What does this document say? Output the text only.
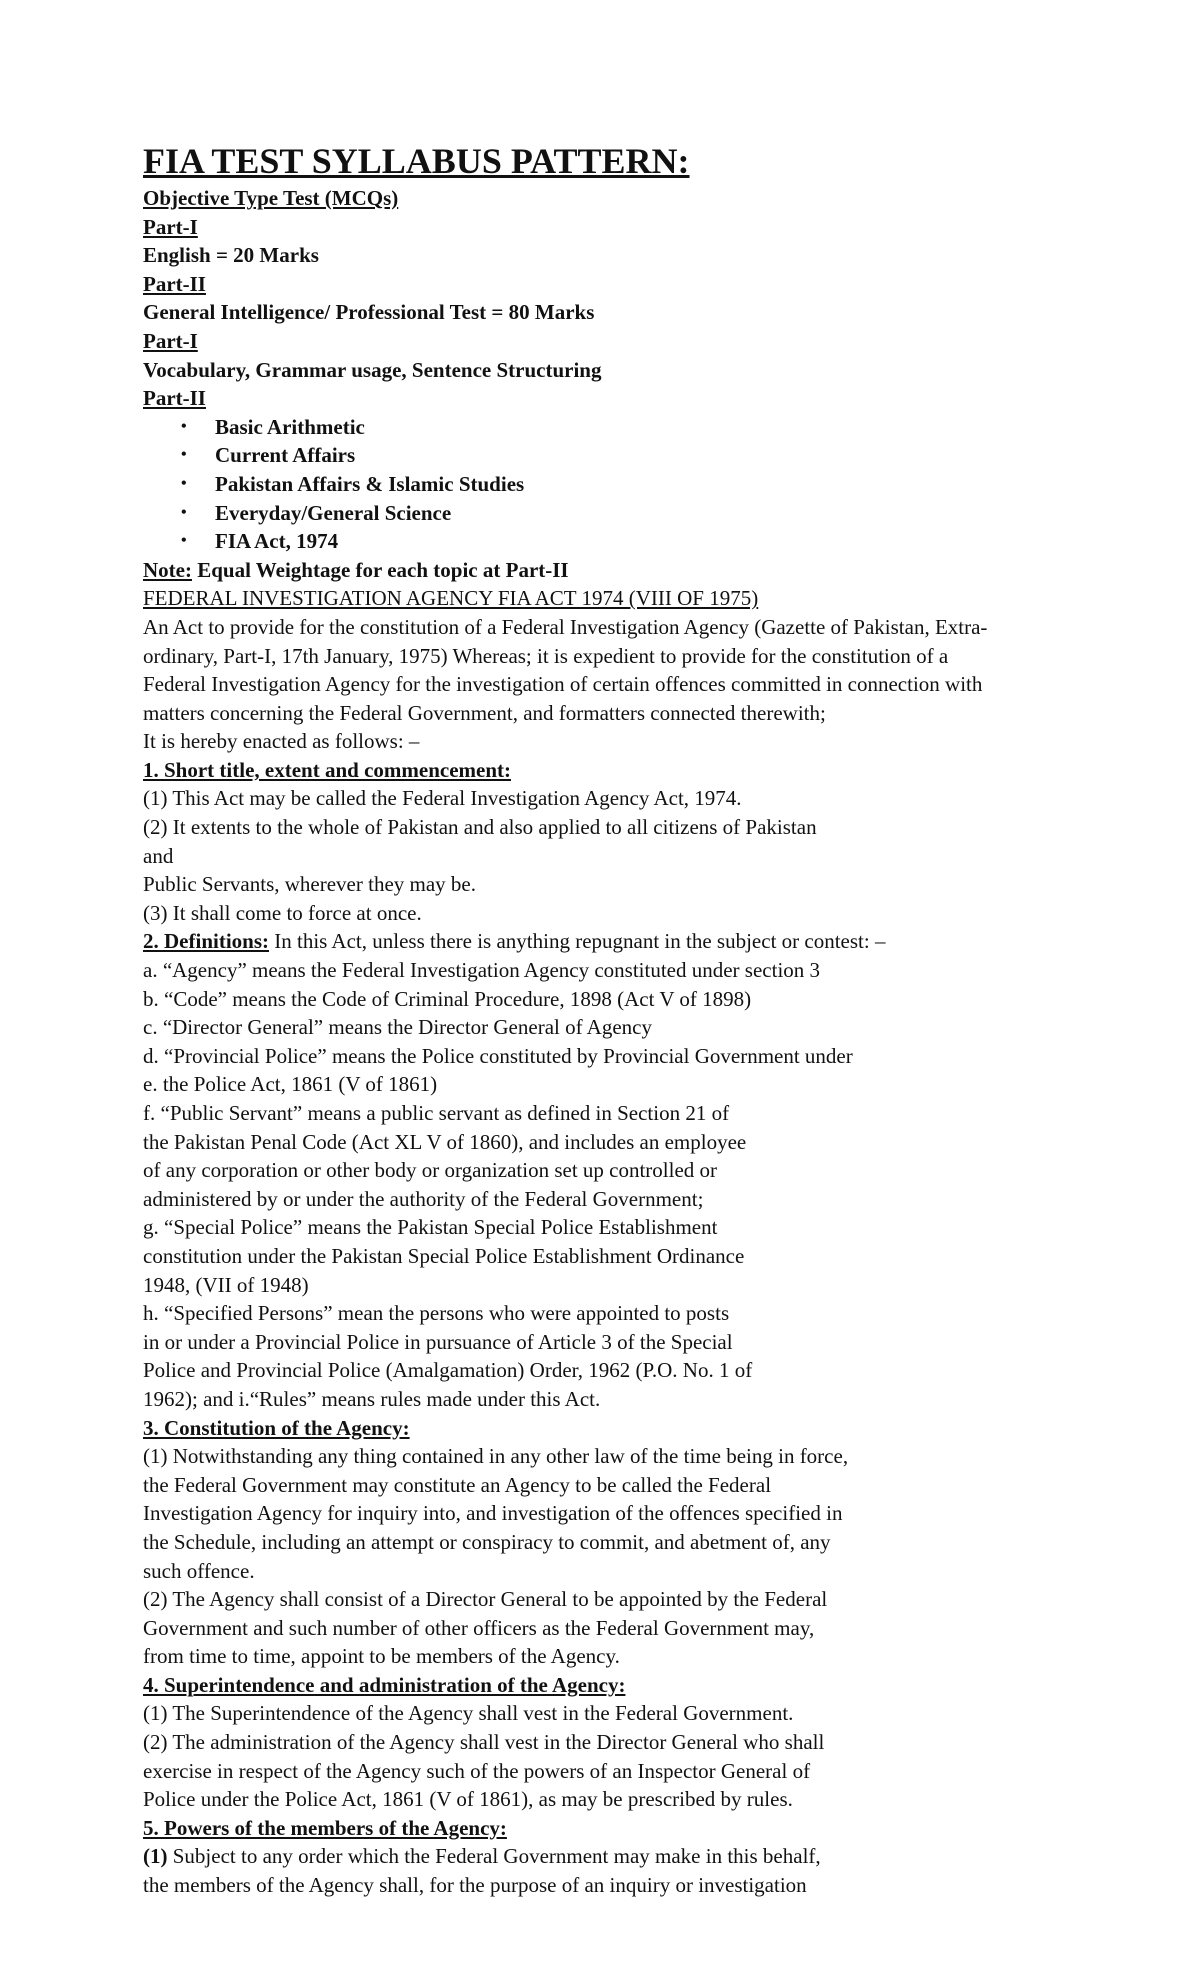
FIA TEST SYLLABUS PATTERN:
Objective Type Test (MCQs)
Part-I
English = 20 Marks
Part-II
General Intelligence/ Professional Test = 80 Marks
Part-I
Vocabulary, Grammar usage, Sentence Structuring
Part-II
• Basic Arithmetic
• Current Affairs
• Pakistan Affairs & Islamic Studies
• Everyday/General Science
• FIA Act, 1974
Note: Equal Weightage for each topic at Part-II
FEDERAL INVESTIGATION AGENCY FIA ACT 1974 (VIII OF 1975)
An Act to provide for the constitution of a Federal Investigation Agency (Gazette of Pakistan, Extra-
ordinary, Part-I, 17th January, 1975) Whereas; it is expedient to provide for the constitution of a
Federal Investigation Agency for the investigation of certain offences committed in connection with
matters concerning the Federal Government, and formatters connected therewith;
It is hereby enacted as follows: –
1. Short title, extent and commencement:
(1) This Act may be called the Federal Investigation Agency Act, 1974.
(2) It extents to the whole of Pakistan and also applied to all citizens of Pakistan
and
Public Servants, wherever they may be.
(3) It shall come to force at once.
2. Definitions: In this Act, unless there is anything repugnant in the subject or contest: –
a. “Agency” means the Federal Investigation Agency constituted under section 3
b. “Code” means the Code of Criminal Procedure, 1898 (Act V of 1898)
c. “Director General” means the Director General of Agency
d. “Provincial Police” means the Police constituted by Provincial Government under
e. the Police Act, 1861 (V of 1861)
f. “Public Servant” means a public servant as defined in Section 21 of
the Pakistan Penal Code (Act XL V of 1860), and includes an employee
of any corporation or other body or organization set up controlled or
administered by or under the authority of the Federal Government;
g. “Special Police” means the Pakistan Special Police Establishment
constitution under the Pakistan Special Police Establishment Ordinance
1948, (VII of 1948)
h. “Specified Persons” mean the persons who were appointed to posts
in or under a Provincial Police in pursuance of Article 3 of the Special
Police and Provincial Police (Amalgamation) Order, 1962 (P.O. No. 1 of
1962); and i.“Rules” means rules made under this Act.
3. Constitution of the Agency:
(1) Notwithstanding any thing contained in any other law of the time being in force,
the Federal Government may constitute an Agency to be called the Federal
Investigation Agency for inquiry into, and investigation of the offences specified in
the Schedule, including an attempt or conspiracy to commit, and abetment of, any
such offence.
(2) The Agency shall consist of a Director General to be appointed by the Federal
Government and such number of other officers as the Federal Government may,
from time to time, appoint to be members of the Agency.
4. Superintendence and administration of the Agency:
(1) The Superintendence of the Agency shall vest in the Federal Government.
(2) The administration of the Agency shall vest in the Director General who shall
exercise in respect of the Agency such of the powers of an Inspector General of
Police under the Police Act, 1861 (V of 1861), as may be prescribed by rules.
5. Powers of the members of the Agency:
(1) Subject to any order which the Federal Government may make in this behalf,
the members of the Agency shall, for the purpose of an inquiry or investigation
